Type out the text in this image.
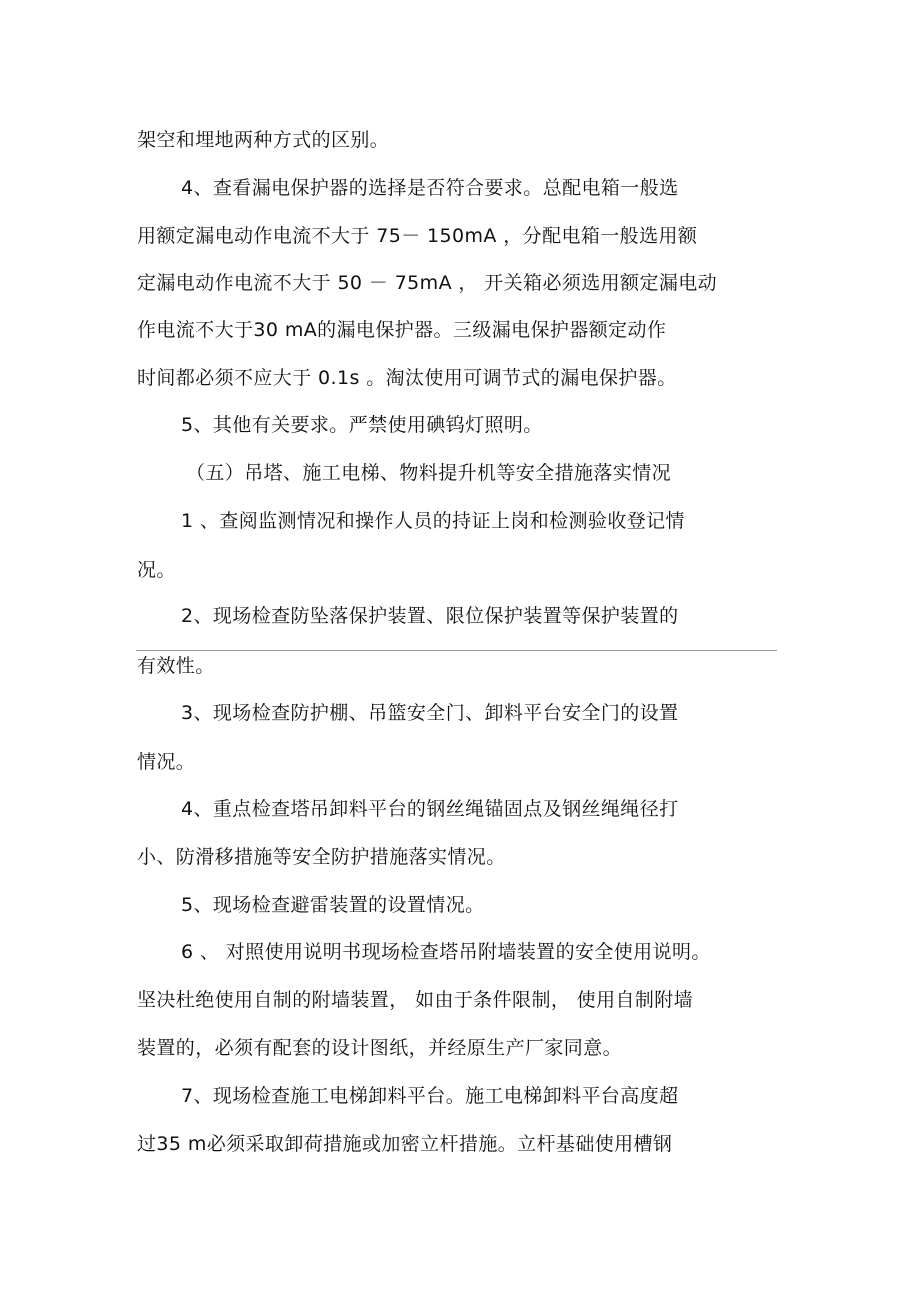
架空和埋地两种方式的区别。
4、查看漏电保护器的选择是否符合要求。总配电箱一般选
用额定漏电动作电流不大于 75－ 150mA ，分配电箱一般选用额
定漏电动作电流不大于 50 － 75mA ， 开关箱必须选用额定漏电动
作电流不大于30 mA的漏电保护器。三级漏电保护器额定动作
时间都必须不应大于 0.1s 。淘汰使用可调节式的漏电保护器。
5、其他有关要求。严禁使用碘钨灯照明。
（五）吊塔、施工电梯、物料提升机等安全措施落实情况
1 、查阅监测情况和操作人员的持证上岗和检测验收登记情
况。
2、现场检查防坠落保护装置、限位保护装置等保护装置的
有效性。
3、现场检查防护棚、吊篮安全门、卸料平台安全门的设置
情况。
4、重点检查塔吊卸料平台的钢丝绳锚固点及钢丝绳绳径打
小、防滑移措施等安全防护措施落实情况。
5、现场检查避雷装置的设置情况。
6 、 对照使用说明书现场检查塔吊附墙装置的安全使用说明。
坚决杜绝使用自制的附墙装置， 如由于条件限制， 使用自制附墙
装置的，必须有配套的设计图纸，并经原生产厂家同意。
7、现场检查施工电梯卸料平台。施工电梯卸料平台高度超
过35 m必须采取卸荷措施或加密立杆措施。立杆基础使用槽钢
